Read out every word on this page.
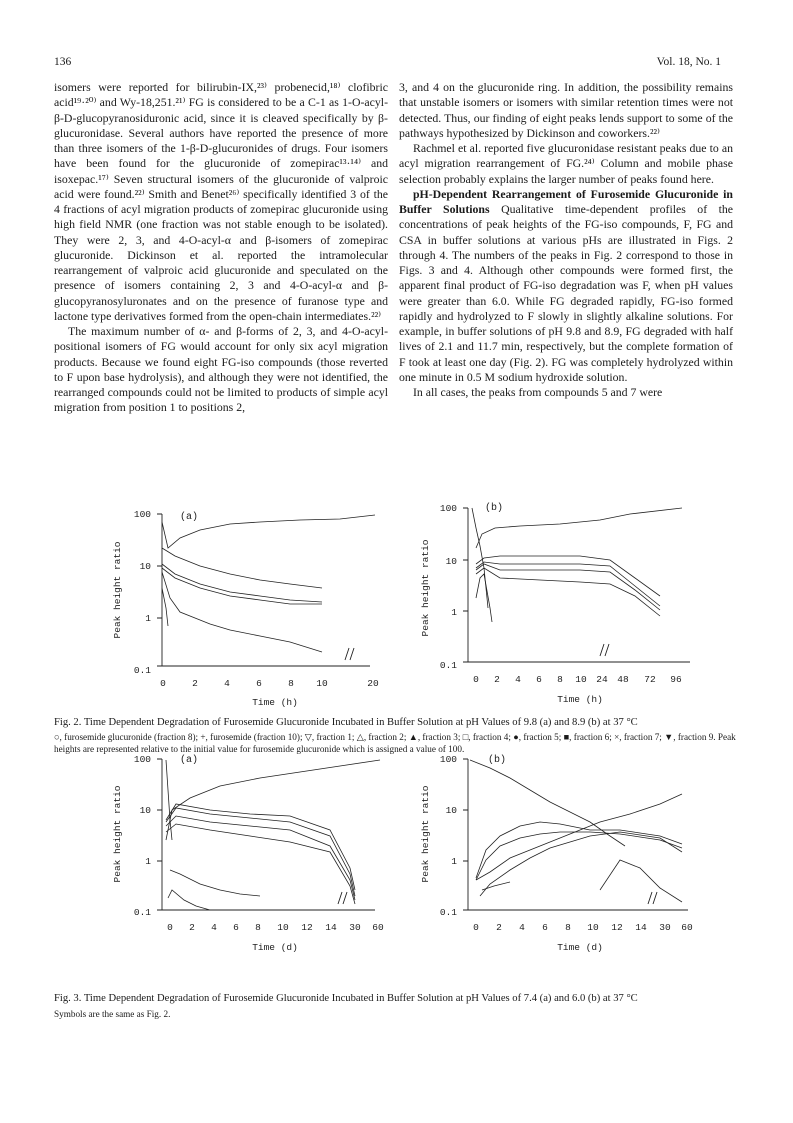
136	Vol. 18, No. 1

isomers were reported for bilirubin-IX,²³⁾ probenecid,¹⁸⁾ clofibric acid¹⁹·²⁰⁾ and Wy-18,251.²¹⁾ FG is considered to be a C-1 as 1-O-acyl-β-D-glucopyranosiduronic acid, since it is cleaved specifically by β-glucuronidase. Several authors have reported the presence of more than three isomers of the 1-β-D-glucuronides of drugs. Four isomers have been found for the glucuronide of zomepirac¹³·¹⁴⁾ and isoxepac.¹⁷⁾ Seven structural isomers of the glucuronide of valproic acid were found.²²⁾ Smith and Benet²⁶⁾ specifically identified 3 of the 4 fractions of acyl migration products of zomepirac glucuronide using high field NMR (one fraction was not stable enough to be isolated). They were 2, 3, and 4-O-acyl-α and β-isomers of zomepirac glucuronide. Dickinson et al. reported the intramolecular rearrangement of valproic acid glucuronide and speculated on the presence of isomers containing 2, 3 and 4-O-acyl-α and β-glucopyranosyluronates and on the presence of furanose type and lactone type derivatives formed from the open-chain intermediates.²²⁾

The maximum number of α- and β-forms of 2, 3, and 4-O-acyl-positional isomers of FG would account for only six acyl migration products. Because we found eight FG-iso compounds (those reverted to F upon base hydrolysis), and although they were not identified, the rearranged compounds could not be limited to products of simple acyl migration from position 1 to positions 2,

3, and 4 on the glucuronide ring. In addition, the possibility remains that unstable isomers or isomers with similar retention times were not detected. Thus, our finding of eight peaks lends support to some of the pathways hypothesized by Dickinson and coworkers.²²⁾

Rachmel et al. reported five glucuronidase resistant peaks due to an acyl migration rearrangement of FG.²⁴⁾ Column and mobile phase selection probably explains the larger number of peaks found here.

pH-Dependent Rearrangement of Furosemide Glucuronide in Buffer Solutions Qualitative time-dependent profiles of the concentrations of peak heights of the FG-iso compounds, F, FG and CSA in buffer solutions at various pHs are illustrated in Figs. 2 through 4. The numbers of the peaks in Fig. 2 correspond to those in Figs. 3 and 4. Although other compounds were formed first, the apparent final product of FG-iso degradation was F, when pH values were greater than 6.0. While FG degraded rapidly, FG-iso formed rapidly and hydrolyzed to F slowly in slightly alkaline solutions. For example, in buffer solutions of pH 9.8 and 8.9, FG degraded with half lives of 2.1 and 11.7 min, respectively, but the complete formation of F took at least one day (Fig. 2). FG was completely hydrolyzed within one minute in 0.5 M sodium hydroxide solution.

In all cases, the peaks from compounds 5 and 7 were

(a)
100
10
1
0.1
Peak height ratio
0	2	4	6	8 10	20
Time (h)
(b)
100
10
1
0.1
Peak height ratio
0 2 4 6 8 10 24 48 72 96
Time (h)
Fig. 2. Time Dependent Degradation of Furosemide Glucuronide Incubated in Buffer Solution at pH Values of 9.8 (a) and 8.9 (b) at 37 °C
○, furosemide glucuronide (fraction 8); +, furosemide (fraction 10); ▽, fraction 1; △, fraction 2; ▲, fraction 3; □, fraction 4; ●, fraction 5; ■, fraction 6; ×, fraction 7; ▼, fraction 9. Peak heights are represented relative to the initial value for furosemide glucuronide which is assigned a value of 100.
(a)
100
10
1
0.1
Peak height ratio
0 2 4 6 8 10 12 14 30 60
Time (d)
(b)
100
10
1
0.1
Peak height ratio
0 2 4 6 8 10 12 14 30 60
Time (d)
Fig. 3. Time Dependent Degradation of Furosemide Glucuronide Incubated in Buffer Solution at pH Values of 7.4 (a) and 6.0 (b) at 37 °C
Symbols are the same as Fig. 2.
